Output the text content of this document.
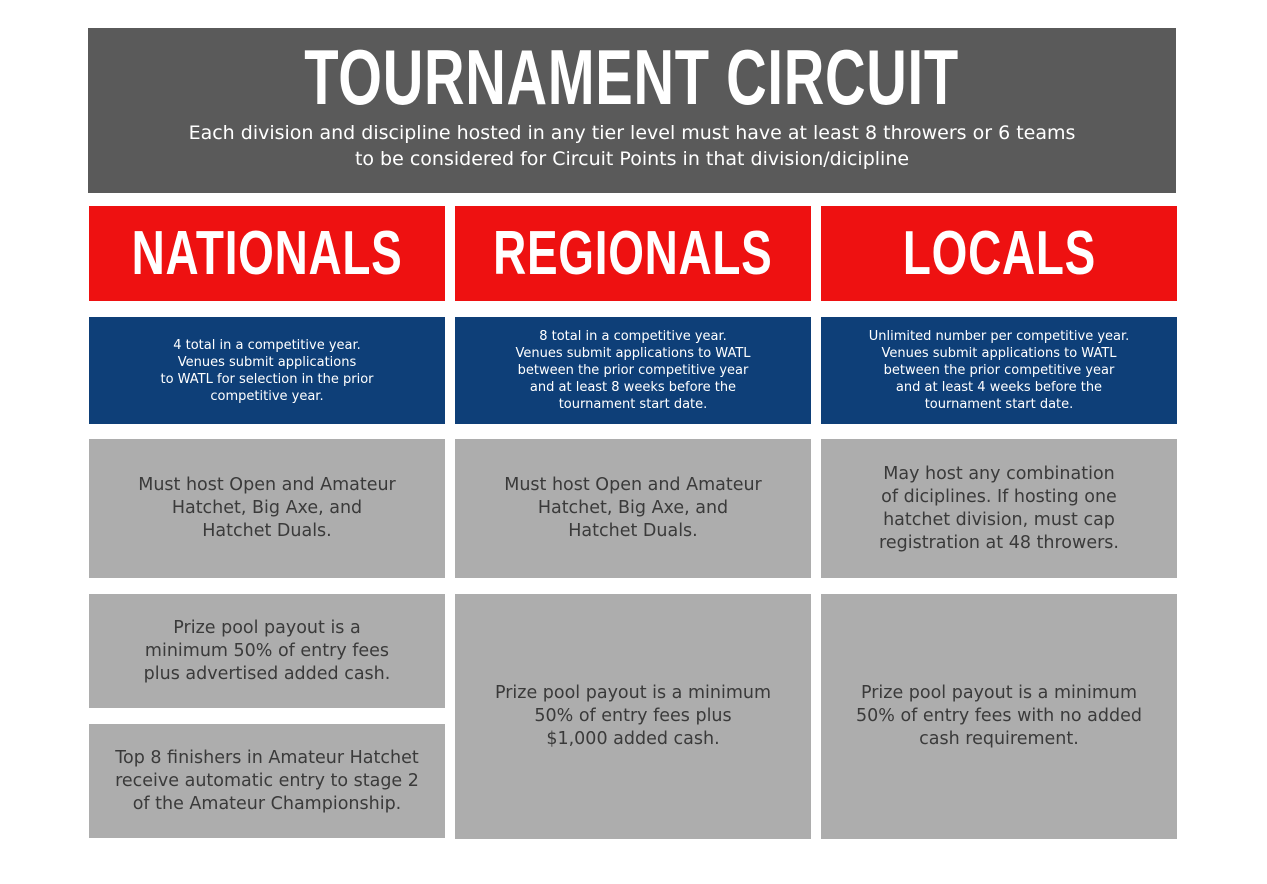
TOURNAMENT CIRCUIT
Each division and discipline hosted in any tier level must have at least 8 throwers or 6 teams
to be considered for Circuit Points in that division/dicipline
NATIONALS REGIONALS LOCALS
4 total in a competitive year.
Venues submit applications
to WATL for selection in the prior
competitive year.
8 total in a competitive year.
Venues submit applications to WATL
between the prior competitive year
and at least 8 weeks before the
tournament start date.
Unlimited number per competitive year.
Venues submit applications to WATL
between the prior competitive year
and at least 4 weeks before the
tournament start date.
Must host Open and Amateur
Hatchet, Big Axe, and
Hatchet Duals.
Must host Open and Amateur
Hatchet, Big Axe, and
Hatchet Duals.
May host any combination
of diciplines. If hosting one
hatchet division, must cap
registration at 48 throwers.
Prize pool payout is a
minimum 50% of entry fees
plus advertised added cash.
Top 8 finishers in Amateur Hatchet
receive automatic entry to stage 2
of the Amateur Championship.
Prize pool payout is a minimum
50% of entry fees plus
$1,000 added cash.
Prize pool payout is a minimum
50% of entry fees with no added
cash requirement.
